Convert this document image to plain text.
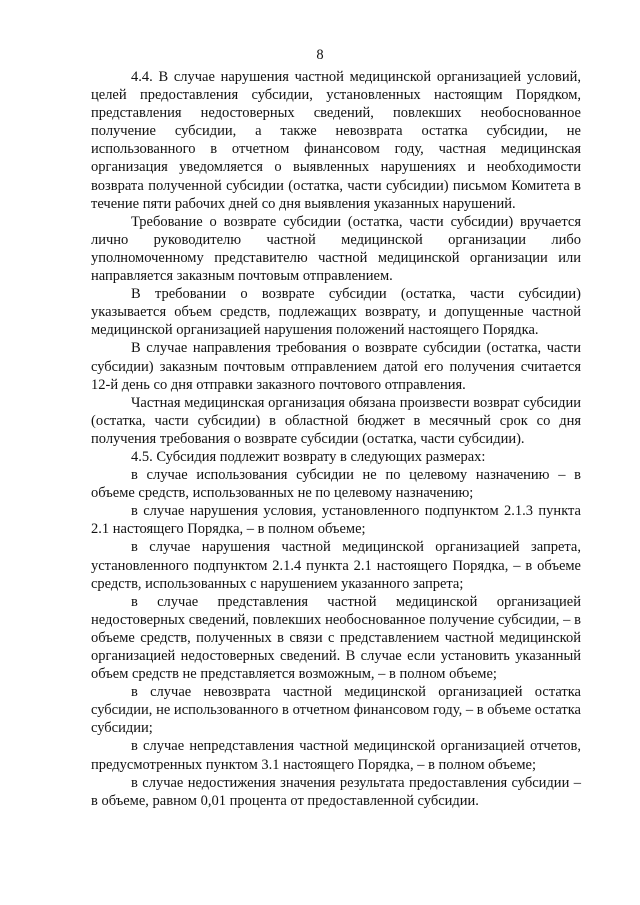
8

4.4. В случае нарушения частной медицинской организацией условий, целей предоставления субсидии, установленных настоящим Порядком, представления недостоверных сведений, повлекших необоснованное получение субсидии, а также невозврата остатка субсидии, не использованного в отчетном финансовом году, частная медицинская организация уведомляется о выявленных нарушениях и необходимости возврата полученной субсидии (остатка, части субсидии) письмом Комитета в течение пяти рабочих дней со дня выявления указанных нарушений.

Требование о возврате субсидии (остатка, части субсидии) вручается лично руководителю частной медицинской организации либо уполномоченному представителю частной медицинской организации или направляется заказным почтовым отправлением.

В требовании о возврате субсидии (остатка, части субсидии) указывается объем средств, подлежащих возврату, и допущенные частной медицинской организацией нарушения положений настоящего Порядка.

В случае направления требования о возврате субсидии (остатка, части субсидии) заказным почтовым отправлением датой его получения считается 12-й день со дня отправки заказного почтового отправления.

Частная медицинская организация обязана произвести возврат субсидии (остатка, части субсидии) в областной бюджет в месячный срок со дня получения требования о возврате субсидии (остатка, части субсидии).

4.5. Субсидия подлежит возврату в следующих размерах:

в случае использования субсидии не по целевому назначению – в объеме средств, использованных не по целевому назначению;

в случае нарушения условия, установленного подпунктом 2.1.3 пункта 2.1 настоящего Порядка, – в полном объеме;

в случае нарушения частной медицинской организацией запрета, установленного подпунктом 2.1.4 пункта 2.1 настоящего Порядка, – в объеме средств, использованных с нарушением указанного запрета;

в случае представления частной медицинской организацией недостоверных сведений, повлекших необоснованное получение субсидии, – в объеме средств, полученных в связи с представлением частной медицинской организацией недостоверных сведений. В случае если установить указанный объем средств не представляется возможным, – в полном объеме;

в случае невозврата частной медицинской организацией остатка субсидии, не использованного в отчетном финансовом году, – в объеме остатка субсидии;

в случае непредставления частной медицинской организацией отчетов, предусмотренных пунктом 3.1 настоящего Порядка, – в полном объеме;

в случае недостижения значения результата предоставления субсидии – в объеме, равном 0,01 процента от предоставленной субсидии.
